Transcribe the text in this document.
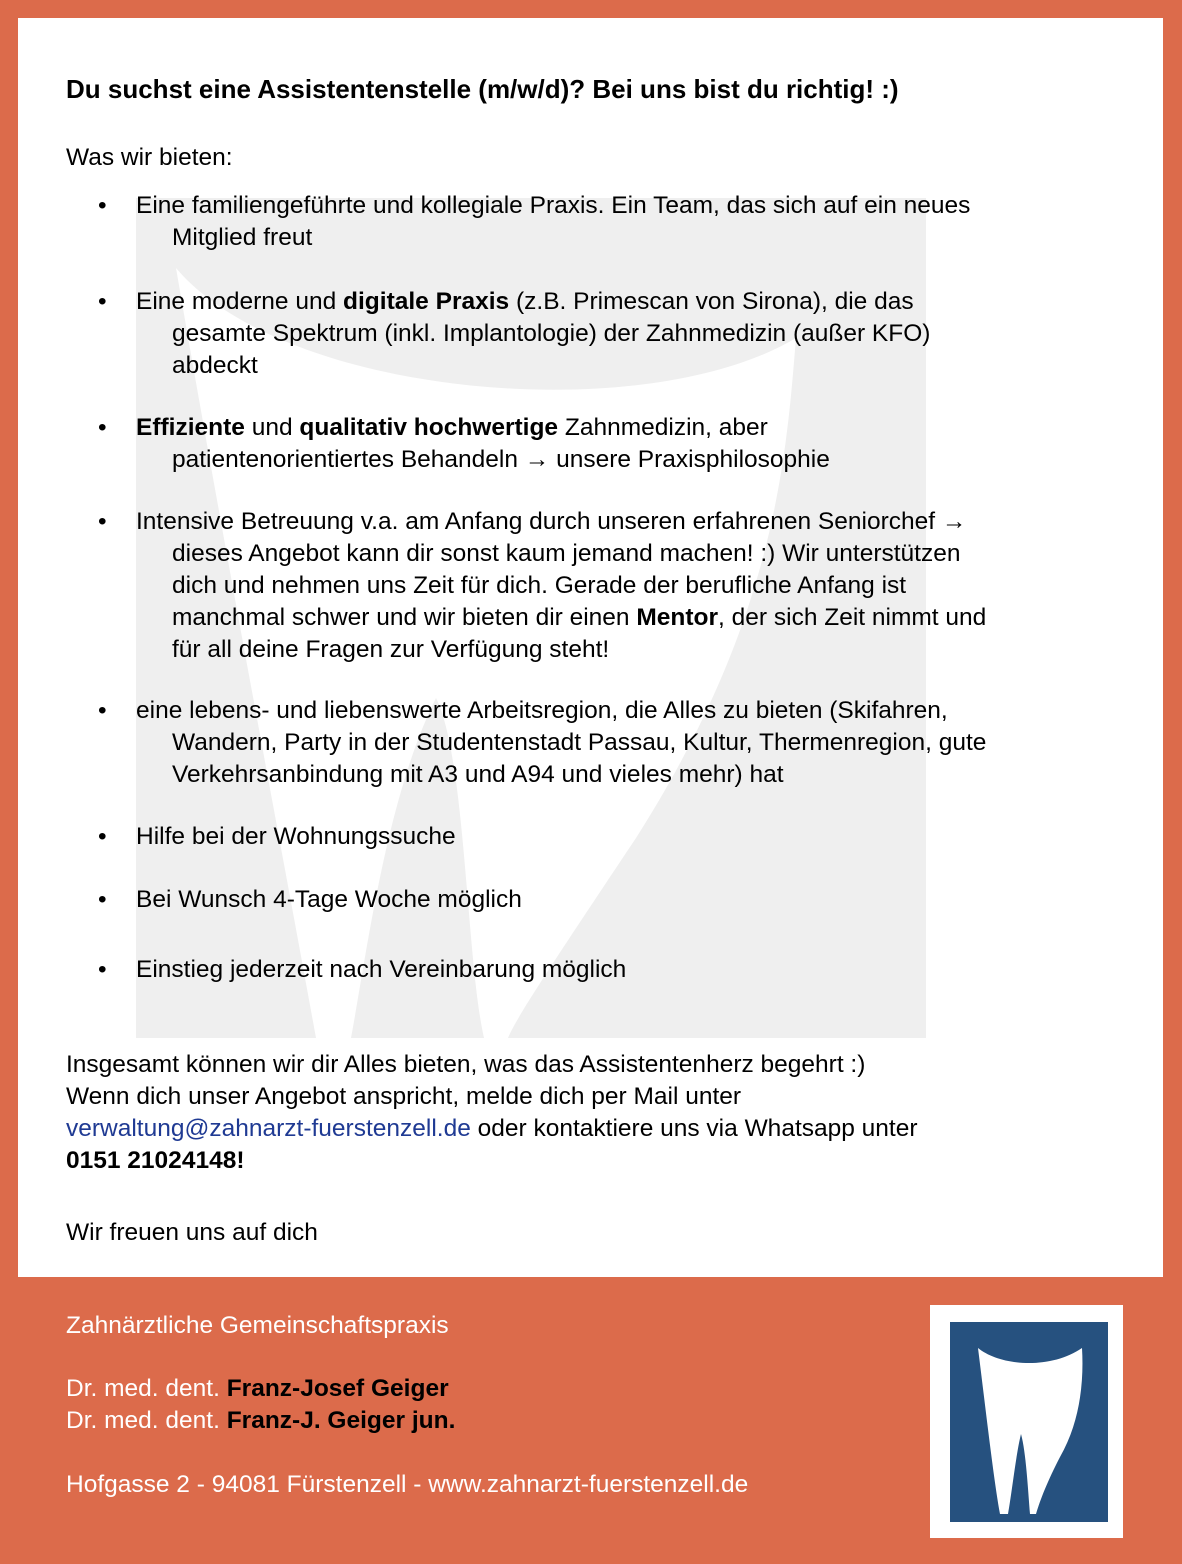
Du suchst eine Assistentenstelle (m/w/d)? Bei uns bist du richtig! :)

Was wir bieten:

• Eine familiengeführte und kollegiale Praxis. Ein Team, das sich auf ein neues
Mitglied freut
• Eine moderne und digitale Praxis (z.B. Primescan von Sirona), die das
gesamte Spektrum (inkl. Implantologie) der Zahnmedizin (außer KFO)
abdeckt
• Effiziente und qualitativ hochwertige Zahnmedizin, aber
patientenorientiertes Behandeln → unsere Praxisphilosophie
• Intensive Betreuung v.a. am Anfang durch unseren erfahrenen Seniorchef →
dieses Angebot kann dir sonst kaum jemand machen! :) Wir unterstützen
dich und nehmen uns Zeit für dich. Gerade der berufliche Anfang ist
manchmal schwer und wir bieten dir einen Mentor, der sich Zeit nimmt und
für all deine Fragen zur Verfügung steht!
• eine lebens- und liebenswerte Arbeitsregion, die Alles zu bieten (Skifahren,
Wandern, Party in der Studentenstadt Passau, Kultur, Thermenregion, gute
Verkehrsanbindung mit A3 und A94 und vieles mehr) hat
• Hilfe bei der Wohnungssuche
• Bei Wunsch 4-Tage Woche möglich
• Einstieg jederzeit nach Vereinbarung möglich

Insgesamt können wir dir Alles bieten, was das Assistentenherz begehrt :)
Wenn dich unser Angebot anspricht, melde dich per Mail unter
verwaltung@zahnarzt-fuerstenzell.de oder kontaktiere uns via Whatsapp unter
0151 21024148!

Wir freuen uns auf dich

Zahnärztliche Gemeinschaftspraxis
Dr. med. dent. Franz-Josef Geiger
Dr. med. dent. Franz-J. Geiger jun.
Hofgasse 2 - 94081 Fürstenzell - www.zahnarzt-fuerstenzell.de
